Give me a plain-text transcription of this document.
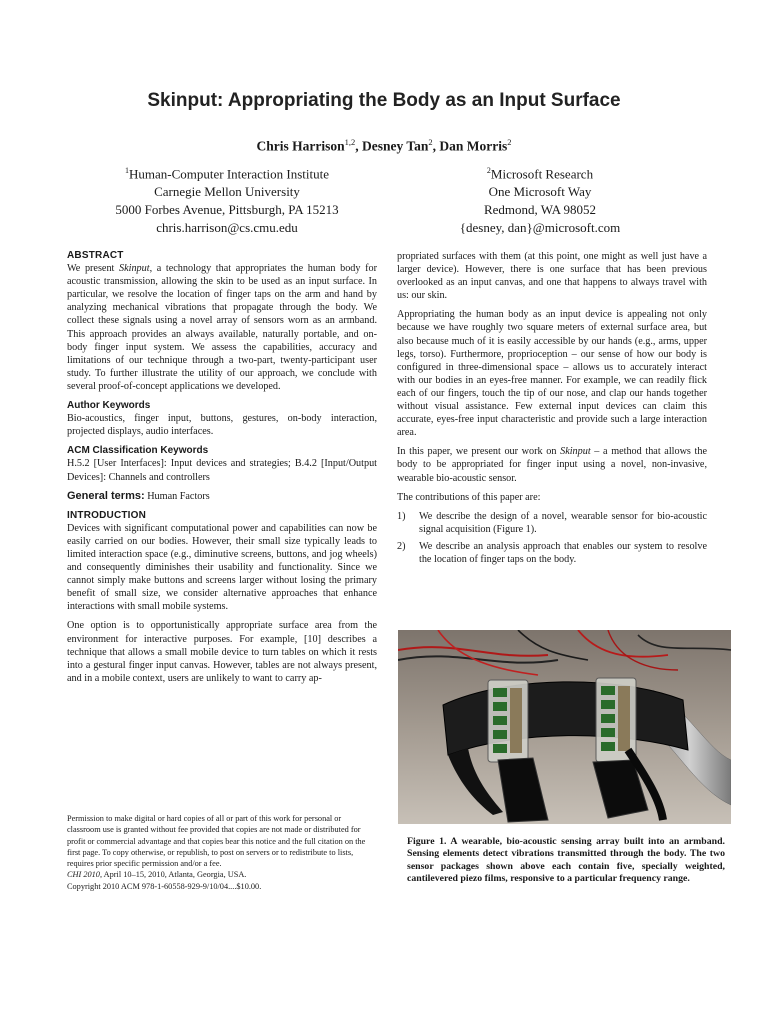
Skinput: Appropriating the Body as an Input Surface
Chris Harrison$^{1,2}$, Desney Tan$^2$, Dan Morris$^2$
$^1$Human-Computer Interaction Institute
Carnegie Mellon University
5000 Forbes Avenue, Pittsburgh, PA 15213
chris.harrison@cs.cmu.edu
$^2$Microsoft Research
One Microsoft Way
Redmond, WA 98052
{desney, dan}@microsoft.com
ABSTRACT

We present Skinput, a technology that appropriates the human body for acoustic transmission, allowing the skin to be used as an input surface. In particular, we resolve the location of finger taps on the arm and hand by analyzing mechanical vibrations that propagate through the body. We collect these signals using a novel array of sensors worn as an armband. This approach provides an always available, naturally portable, and on-body finger input system. We assess the capabilities, accuracy and limitations of our technique through a two-part, twenty-participant user study. To further illustrate the utility of our approach, we conclude with several proof-of-concept applications we developed.

Author Keywords

Bio-acoustics, finger input, buttons, gestures, on-body interaction, projected displays, audio interfaces.

ACM Classification Keywords

H.5.2 [User Interfaces]: Input devices and strategies; B.4.2 [Input/Output Devices]: Channels and controllers

General terms: Human Factors

INTRODUCTION

Devices with significant computational power and capabilities can now be easily carried on our bodies. However, their small size typically leads to limited interaction space (e.g., diminutive screens, buttons, and jog wheels) and consequently diminishes their usability and functionality. Since we cannot simply make buttons and screens larger without losing the primary benefit of small size, we consider alternative approaches that enhance interactions with small mobile systems.

One option is to opportunistically appropriate surface area from the environment for interactive purposes. For example, [10] describes a technique that allows a small mobile device to turn tables on which it rests into a gestural finger input canvas. However, tables are not always present, and in a mobile context, users are unlikely to want to carry ap-

propriated surfaces with them (at this point, one might as well just have a larger device). However, there is one surface that has been previous overlooked as an input canvas, and one that happens to always travel with us: our skin.

Appropriating the human body as an input device is appealing not only because we have roughly two square meters of external surface area, but also because much of it is easily accessible by our hands (e.g., arms, upper legs, torso). Furthermore, proprioception – our sense of how our body is configured in three-dimensional space – allows us to accurately interact with our bodies in an eyes-free manner. For example, we can readily flick each of our fingers, touch the tip of our nose, and clap our hands together without visual assistance. Few external input devices can claim this accurate, eyes-free input characteristic and provide such a large interaction area.

In this paper, we present our work on Skinput – a method that allows the body to be appropriated for finger input using a novel, non-invasive, wearable bio-acoustic sensor.

The contributions of this paper are:

1)	We describe the design of a novel, wearable sensor for bio-acoustic signal acquisition (Figure 1).
2)	We describe an analysis approach that enables our system to resolve the location of finger taps on the body.
Figure 1. A wearable, bio-acoustic sensing array built into an armband. Sensing elements detect vibrations transmitted through the body. The two sensor packages shown above each contain five, specially weighted, cantilevered piezo films, responsive to a particular frequency range.

Permission to make digital or hard copies of all or part of this work for personal or classroom use is granted without fee provided that copies are not made or distributed for profit or commercial advantage and that copies bear this notice and the full citation on the first page. To copy otherwise, or republish, to post on servers or to redistribute to lists, requires prior specific permission and/or a fee.

CHI 2010, April 10–15, 2010, Atlanta, Georgia, USA.

Copyright 2010 ACM 978-1-60558-929-9/10/04....$10.00.
